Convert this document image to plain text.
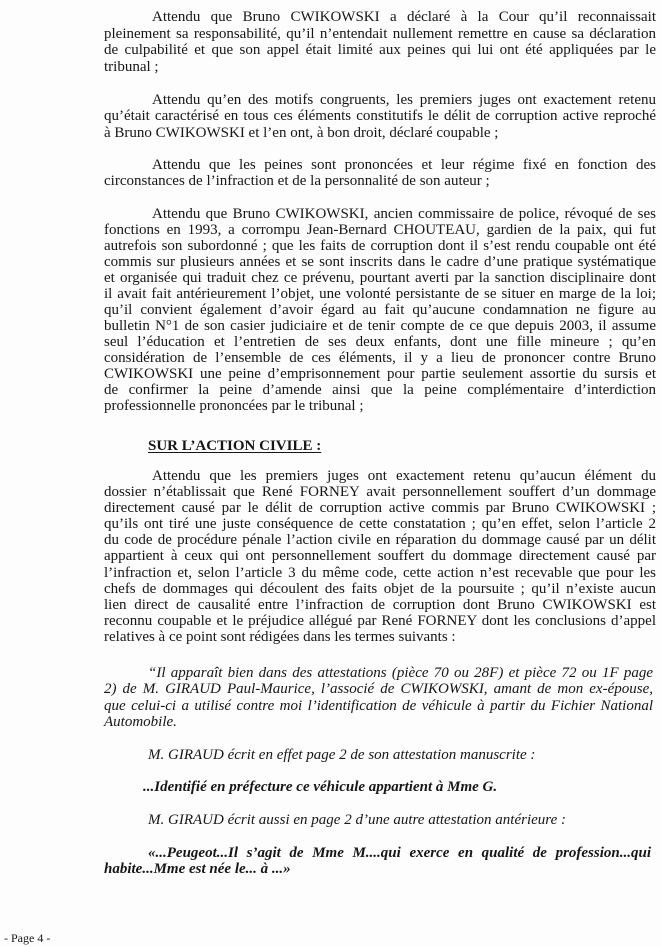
Attendu que Bruno CWIKOWSKI a déclaré à la Cour qu’il reconnaissait
pleinement sa responsabilité, qu’il n’entendait nullement remettre en cause sa déclaration
de culpabilité et que son appel était limité aux peines qui lui ont été appliquées par le
tribunal ;
Attendu qu’en des motifs congruents, les premiers juges ont exactement retenu
qu’était caractérisé en tous ces éléments constitutifs le délit de corruption active reproché
à Bruno CWIKOWSKI et l’en ont, à bon droit, déclaré coupable ;
Attendu que les peines sont prononcées et leur régime fixé en fonction des
circonstances de l’infraction et de la personnalité de son auteur ;
Attendu que Bruno CWIKOWSKI, ancien commissaire de police, révoqué de ses
fonctions en 1993, a corrompu Jean-Bernard CHOUTEAU, gardien de la paix, qui fut
autrefois son subordonné ; que les faits de corruption dont il s’est rendu coupable ont été
commis sur plusieurs années et se sont inscrits dans le cadre d’une pratique systématique
et organisée qui traduit chez ce prévenu, pourtant averti par la sanction disciplinaire dont
il avait fait antérieurement l’objet, une volonté persistante de se situer en marge de la loi;
qu’il convient également d’avoir égard au fait qu’aucune condamnation ne figure au
bulletin N°1 de son casier judiciaire et de tenir compte de ce que depuis 2003, il assume
seul l’éducation et l’entretien de ses deux enfants, dont une fille mineure ; qu’en
considération de l’ensemble de ces éléments, il y a lieu de prononcer contre Bruno
CWIKOWSKI une peine d’emprisonnement pour partie seulement assortie du sursis et
de confirmer la peine d’amende ainsi que la peine complémentaire d’interdiction
professionnelle prononcées par le tribunal ;
SUR L’ACTION CIVILE :
Attendu que les premiers juges ont exactement retenu qu’aucun élément du
dossier n’établissait que René FORNEY avait personnellement souffert d’un dommage
directement causé par le délit de corruption active commis par Bruno CWIKOWSKI ;
qu’ils ont tiré une juste conséquence de cette constatation ; qu’en effet, selon l’article 2
du code de procédure pénale l’action civile en réparation du dommage causé par un délit
appartient à ceux qui ont personnellement souffert du dommage directement causé par
l’infraction et, selon l’article 3 du même code, cette action n’est recevable que pour les
chefs de dommages qui découlent des faits objet de la poursuite ; qu’il n’existe aucun
lien direct de causalité entre l’infraction de corruption dont Bruno CWIKOWSKI est
reconnu coupable et le préjudice allégué par René FORNEY dont les conclusions d’appel
relatives à ce point sont rédigées dans les termes suivants :
“Il apparaît bien dans des attestations (pièce 70 ou 28F) et pièce 72 ou 1F page
2) de M. GIRAUD Paul-Maurice, l’associé de CWIKOWSKI, amant de mon ex-épouse,
que celui-ci a utilisé contre moi l’identification de véhicule à partir du Fichier National
Automobile.
M. GIRAUD écrit en effet page 2 de son attestation manuscrite :
...Identifié en préfecture ce véhicule appartient à Mme G.
M. GIRAUD écrit aussi en page 2 d’une autre attestation antérieure :
«...Peugeot...Il s’agit de Mme M....qui exerce en qualité de profession...qui
habite...Mme est née le... à ...»
- Page 4 -
